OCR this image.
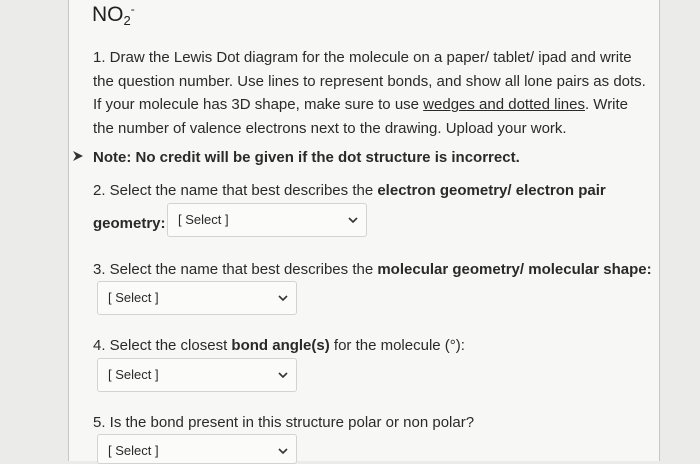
$NO_2^-$
1. Draw the Lewis Dot diagram for the molecule on a paper/ tablet/ ipad and write the question number. Use lines to represent bonds, and show all lone pairs as dots. If your molecule has 3D shape, make sure to use wedges and dotted lines. Write the number of valence electrons next to the drawing. Upload your work.
Note: No credit will be given if the dot structure is incorrect.
2. Select the name that best describes the electron geometry/ electron pair
geometry: [ Select ]
3. Select the name that best describes the molecular geometry/ molecular shape:
[ Select ]
4. Select the closest bond angle(s) for the molecule (°):
[ Select ]
5. Is the bond present in this structure polar or non polar?
[ Select ]
